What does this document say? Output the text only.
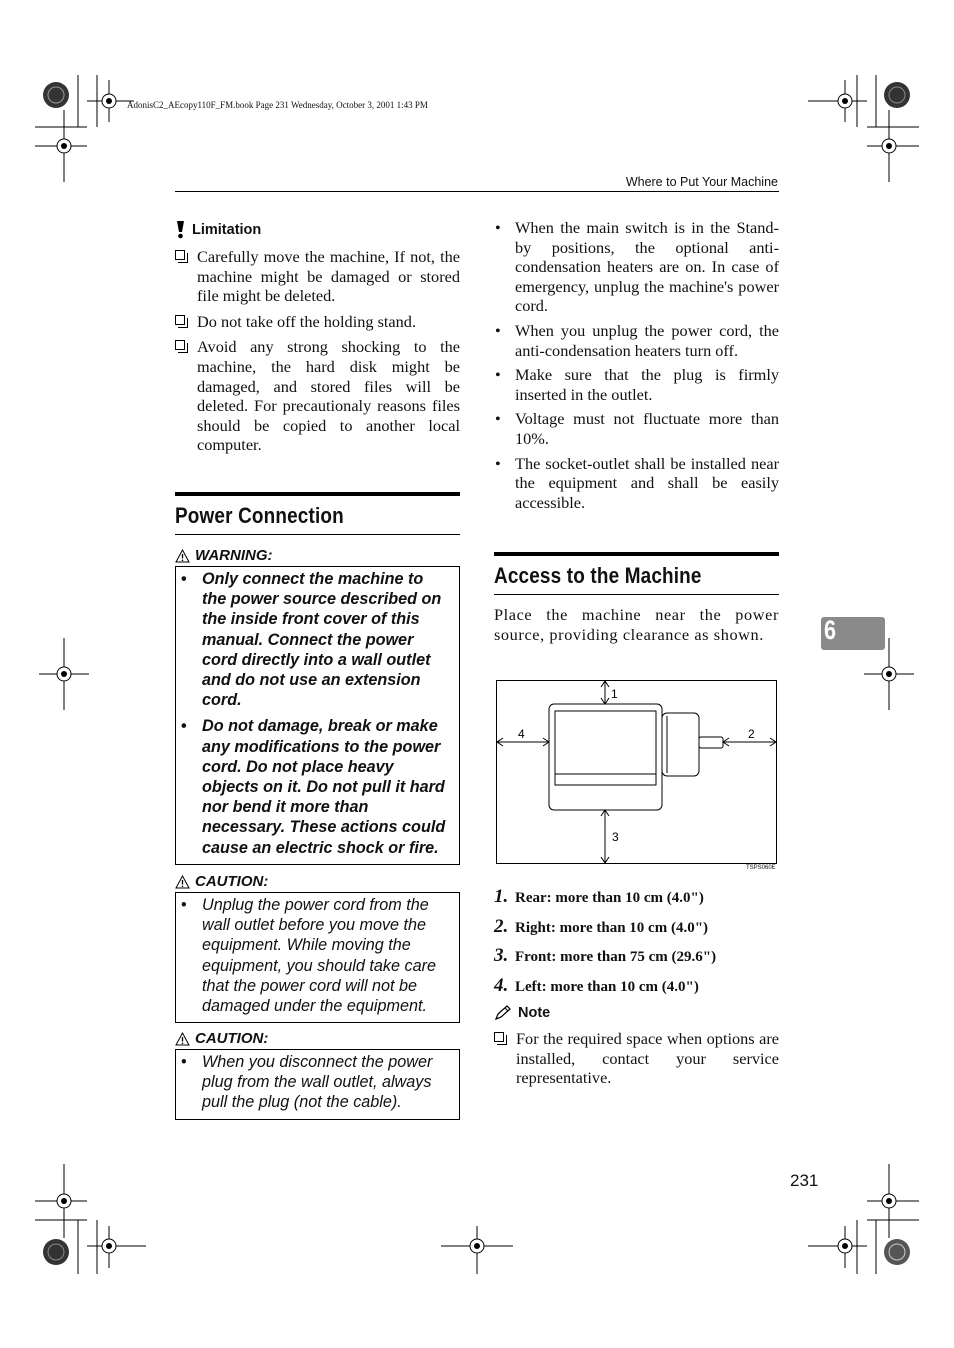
AdonisC2_AEcopy110F_FM.book Page 231 Wednesday, October 3, 2001 1:43 PM
Where to Put Your Machine
Limitation
Carefully move the machine, If not, the machine might be damaged or stored file might be deleted.
Do not take off the holding stand.
Avoid any strong shocking to the machine, the hard disk might be damaged, and stored files will be deleted. For precautionaly reasons files should be copied to another local computer.
Power Connection
WARNING:
• Only connect the machine to the power source described on the inside front cover of this manual. Connect the power cord directly into a wall outlet and do not use an extension cord.
• Do not damage, break or make any modifications to the power cord. Do not place heavy objects on it. Do not pull it hard nor bend it more than necessary. These actions could cause an electric shock or fire.
CAUTION:
• Unplug the power cord from the wall outlet before you move the equipment. While moving the equipment, you should take care that the power cord will not be damaged under the equipment.
CAUTION:
• When you disconnect the power plug from the wall outlet, always pull the plug (not the cable).
• When the main switch is in the Stand-by positions, the optional anti-condensation heaters are on. In case of emergency, unplug the machine's power cord.
• When you unplug the power cord, the anti-condensation heaters turn off.
• Make sure that the plug is firmly inserted in the outlet.
• Voltage must not fluctuate more than 10%.
• The socket-outlet shall be installed near the equipment and shall be easily accessible.
Access to the Machine
Place the machine near the power source, providing clearance as shown.
1
2
3
4
TSPS060E
1. Rear: more than 10 cm (4.0")
2. Right: more than 10 cm (4.0")
3. Front: more than 75 cm (29.6")
4. Left: more than 10 cm (4.0")
Note
For the required space when options are installed, contact your service representative.
6
231
